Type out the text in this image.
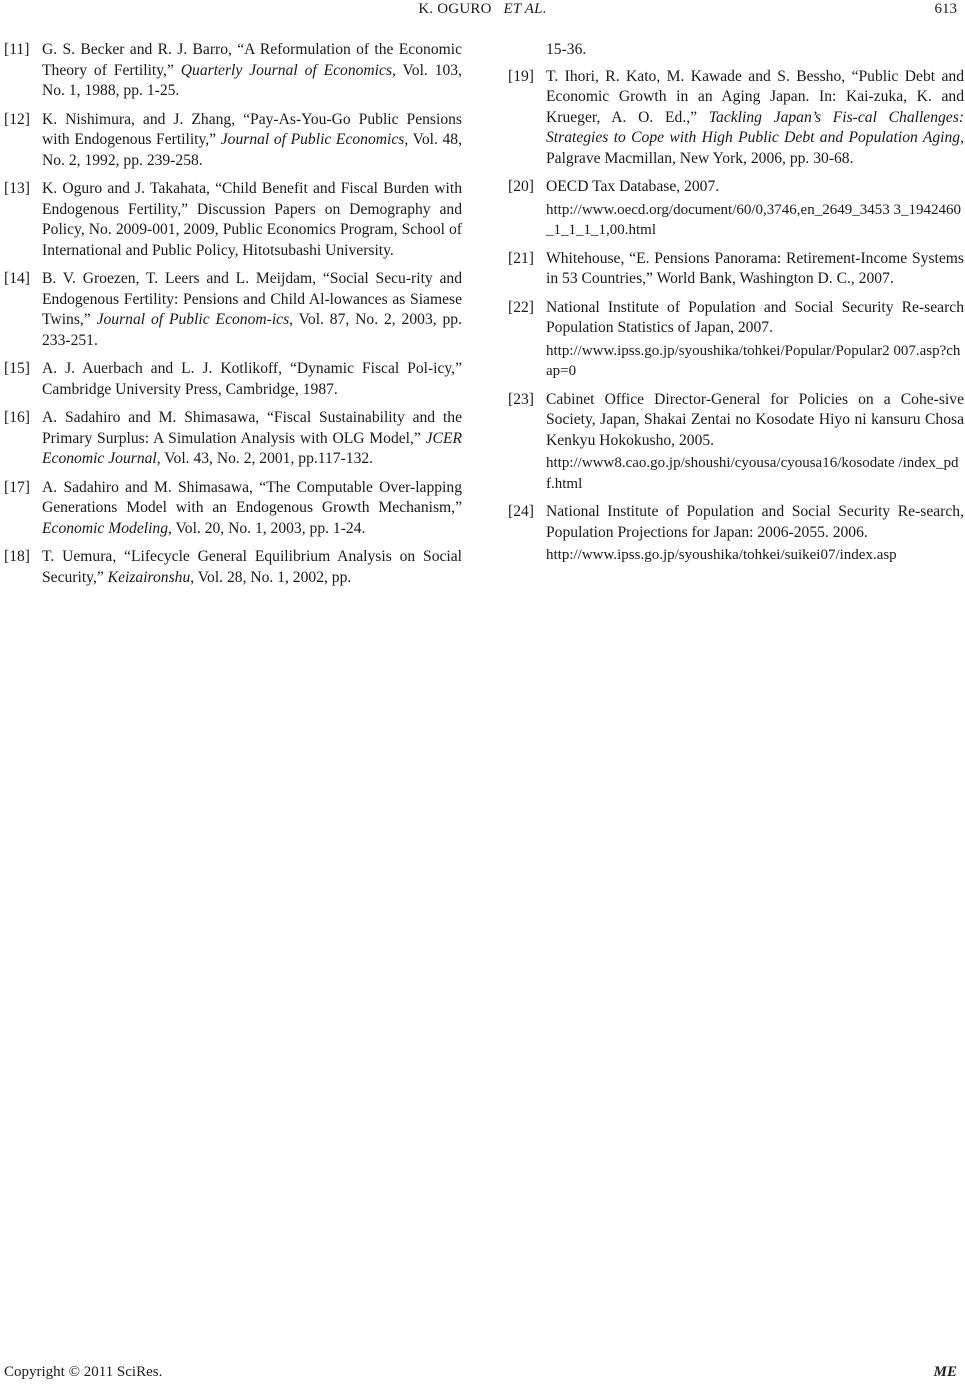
K. OGURO ET AL.	613
[11] G. S. Becker and R. J. Barro, “A Reformulation of the Economic Theory of Fertility,” Quarterly Journal of Economics, Vol. 103, No. 1, 1988, pp. 1-25.
[12] K. Nishimura, and J. Zhang, “Pay-As-You-Go Public Pensions with Endogenous Fertility,” Journal of Public Economics, Vol. 48, No. 2, 1992, pp. 239-258.
[13] K. Oguro and J. Takahata, “Child Benefit and Fiscal Burden with Endogenous Fertility,” Discussion Papers on Demography and Policy, No. 2009-001, 2009, Public Economics Program, School of International and Public Policy, Hitotsubashi University.
[14] B. V. Groezen, T. Leers and L. Meijdam, “Social Secu-rity and Endogenous Fertility: Pensions and Child Al-lowances as Siamese Twins,” Journal of Public Econom-ics, Vol. 87, No. 2, 2003, pp. 233-251.
[15] A. J. Auerbach and L. J. Kotlikoff, “Dynamic Fiscal Pol-icy,” Cambridge University Press, Cambridge, 1987.
[16] A. Sadahiro and M. Shimasawa, “Fiscal Sustainability and the Primary Surplus: A Simulation Analysis with OLG Model,” JCER Economic Journal, Vol. 43, No. 2, 2001, pp.117-132.
[17] A. Sadahiro and M. Shimasawa, “The Computable Over-lapping Generations Model with an Endogenous Growth Mechanism,” Economic Modeling, Vol. 20, No. 1, 2003, pp. 1-24.
[18] T. Uemura, “Lifecycle General Equilibrium Analysis on Social Security,” Keizaironshu, Vol. 28, No. 1, 2002, pp.
15-36.
[19] T. Ihori, R. Kato, M. Kawade and S. Bessho, “Public Debt and Economic Growth in an Aging Japan. In: Kai-zuka, K. and Krueger, A. O. Ed.,” Tackling Japan’s Fis-cal Challenges: Strategies to Cope with High Public Debt and Population Aging, Palgrave Macmillan, New York, 2006, pp. 30-68.
[20] OECD Tax Database, 2007.
http://www.oecd.org/document/60/0,3746,en_2649_3453 3_1942460_1_1_1_1,00.html
[21] Whitehouse, “E. Pensions Panorama: Retirement-Income Systems in 53 Countries,” World Bank, Washington D. C., 2007.
[22] National Institute of Population and Social Security Re-search Population Statistics of Japan, 2007.
http://www.ipss.go.jp/syoushika/tohkei/Popular/Popular2 007.asp?chap=0
[23] Cabinet Office Director-General for Policies on a Cohe-sive Society, Japan, Shakai Zentai no Kosodate Hiyo ni kansuru Chosa Kenkyu Hokokusho, 2005.
http://www8.cao.go.jp/shoushi/cyousa/cyousa16/kosodate /index_pdf.html
[24] National Institute of Population and Social Security Re-search, Population Projections for Japan: 2006-2055. 2006.
http://www.ipss.go.jp/syoushika/tohkei/suikei07/index.asp
Copyright © 2011 SciRes.	ME
